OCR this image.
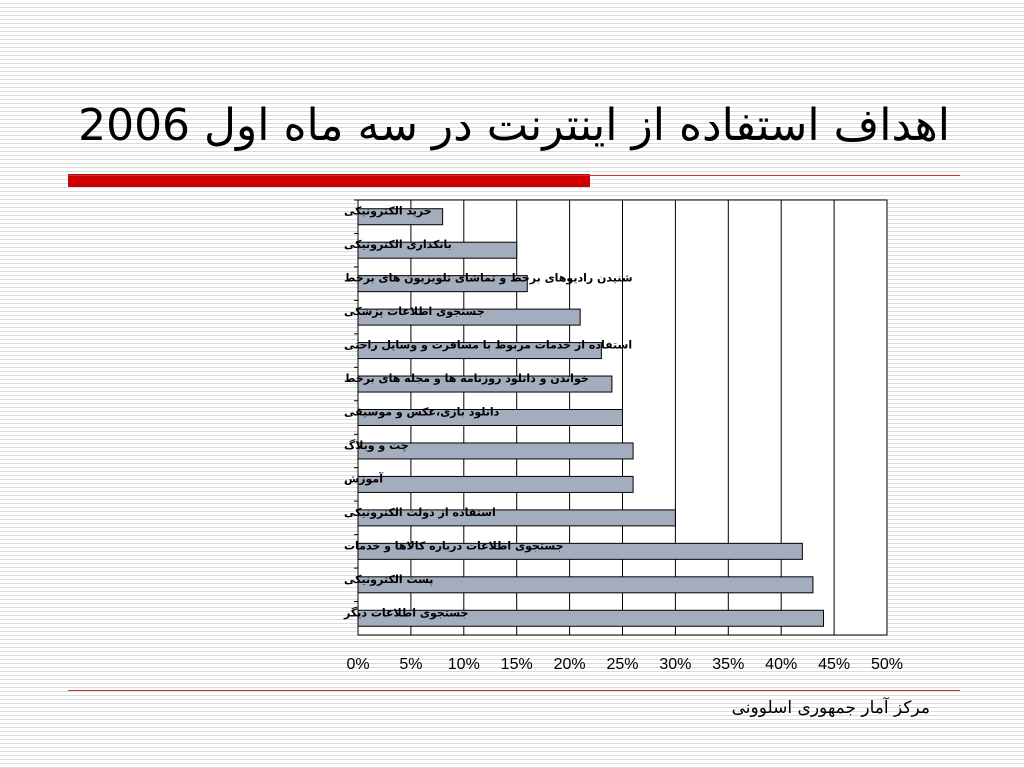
اهداف استفاده از اینترنت در سه ماه اول 2006
خرید الکترونیکی
بانکداری الکترونیکی
شنیدن رادیوهای برخط و تماشای تلویزیون های برخط
جستجوی اطلاعات پزشکی
استفاده از خدمات مربوط با مسافرت و وسایل راحتی
خواندن و دانلود روزنامه ها و مجله های برخط
دانلود بازی،عکس و موسیقی
چت و وبلاگ
آموزش
استفاده از دولت الکترونیکی
جستجوی اطلاعات درباره کالاها و خدمات
پست الکترونیکی
جستجوی اطلاعات دیگر
0% 5% 10% 15% 20% 25% 30% 35% 40% 45% 50%
مرکز آمار جمهوری اسلوونی
